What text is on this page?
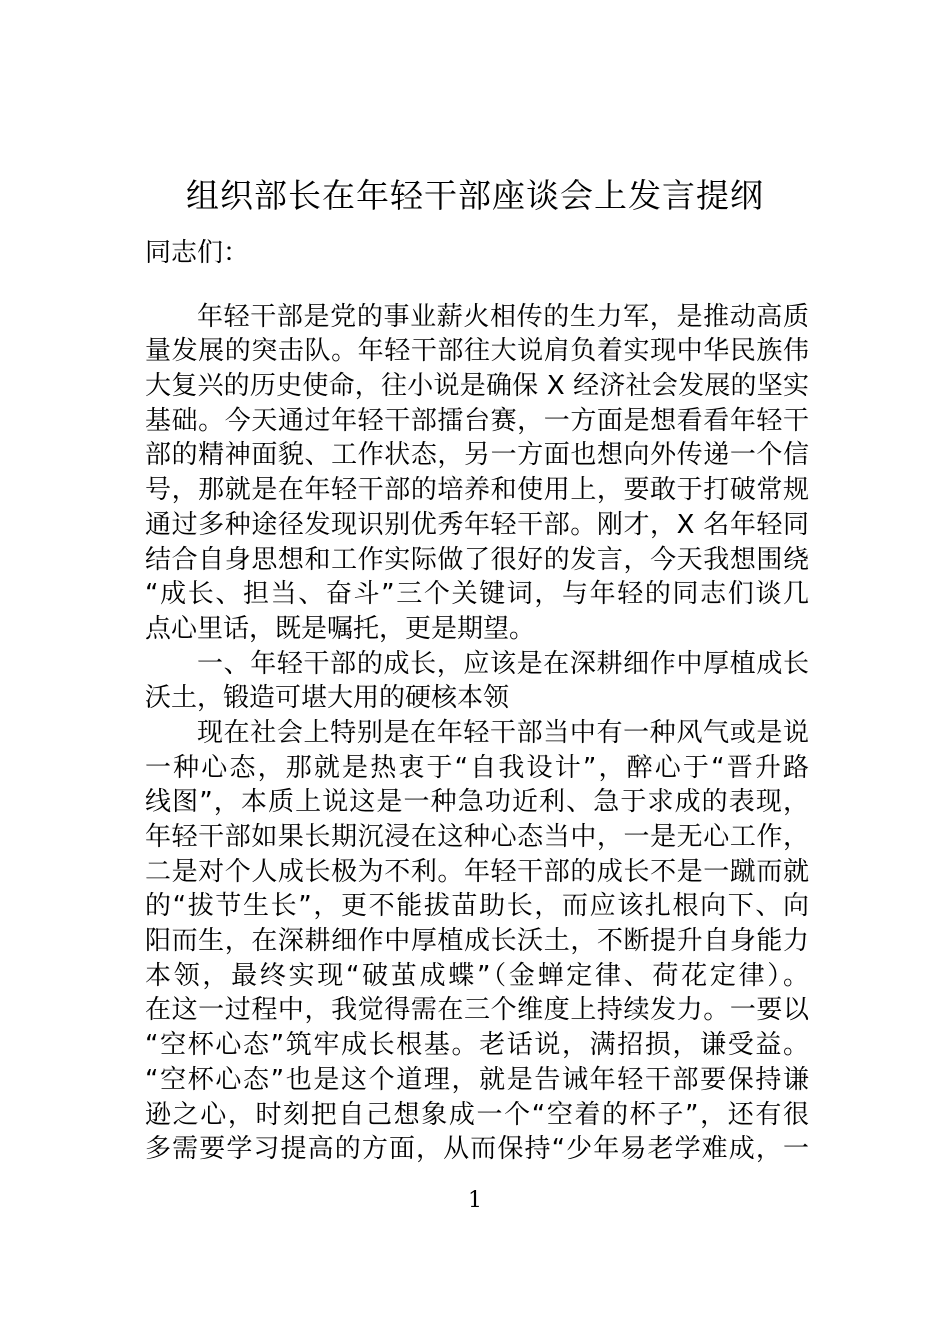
组织部长在年轻干部座谈会上发言提纲
同志们：
年轻干部是党的事业薪火相传的生力军，是推动高质
量发展的突击队。年轻干部往大说肩负着实现中华民族伟
大复兴的历史使命，往小说是确保 X 经济社会发展的坚实
基础。今天通过年轻干部擂台赛，一方面是想看看年轻干
部的精神面貌、工作状态，另一方面也想向外传递一个信
号，那就是在年轻干部的培养和使用上，要敢于打破常规
通过多种途径发现识别优秀年轻干部。刚才，X 名年轻同
结合自身思想和工作实际做了很好的发言，今天我想围绕
“成长、担当、奋斗”三个关键词，与年轻的同志们谈几
点心里话，既是嘱托，更是期望。
一、年轻干部的成长，应该是在深耕细作中厚植成长
沃土，锻造可堪大用的硬核本领
现在社会上特别是在年轻干部当中有一种风气或是说
一种心态，那就是热衷于“自我设计”，醉心于“晋升路
线图”，本质上说这是一种急功近利、急于求成的表现，
年轻干部如果长期沉浸在这种心态当中，一是无心工作，
二是对个人成长极为不利。年轻干部的成长不是一蹴而就
的“拔节生长”，更不能拔苗助长，而应该扎根向下、向
阳而生，在深耕细作中厚植成长沃土，不断提升自身能力
本领，最终实现“破茧成蝶”（金蝉定律、荷花定律）。
在这一过程中，我觉得需在三个维度上持续发力。一要以
“空杯心态”筑牢成长根基。老话说，满招损，谦受益。
“空杯心态”也是这个道理，就是告诫年轻干部要保持谦
逊之心，时刻把自己想象成一个“空着的杯子”，还有很
多需要学习提高的方面，从而保持“少年易老学难成，一
1
